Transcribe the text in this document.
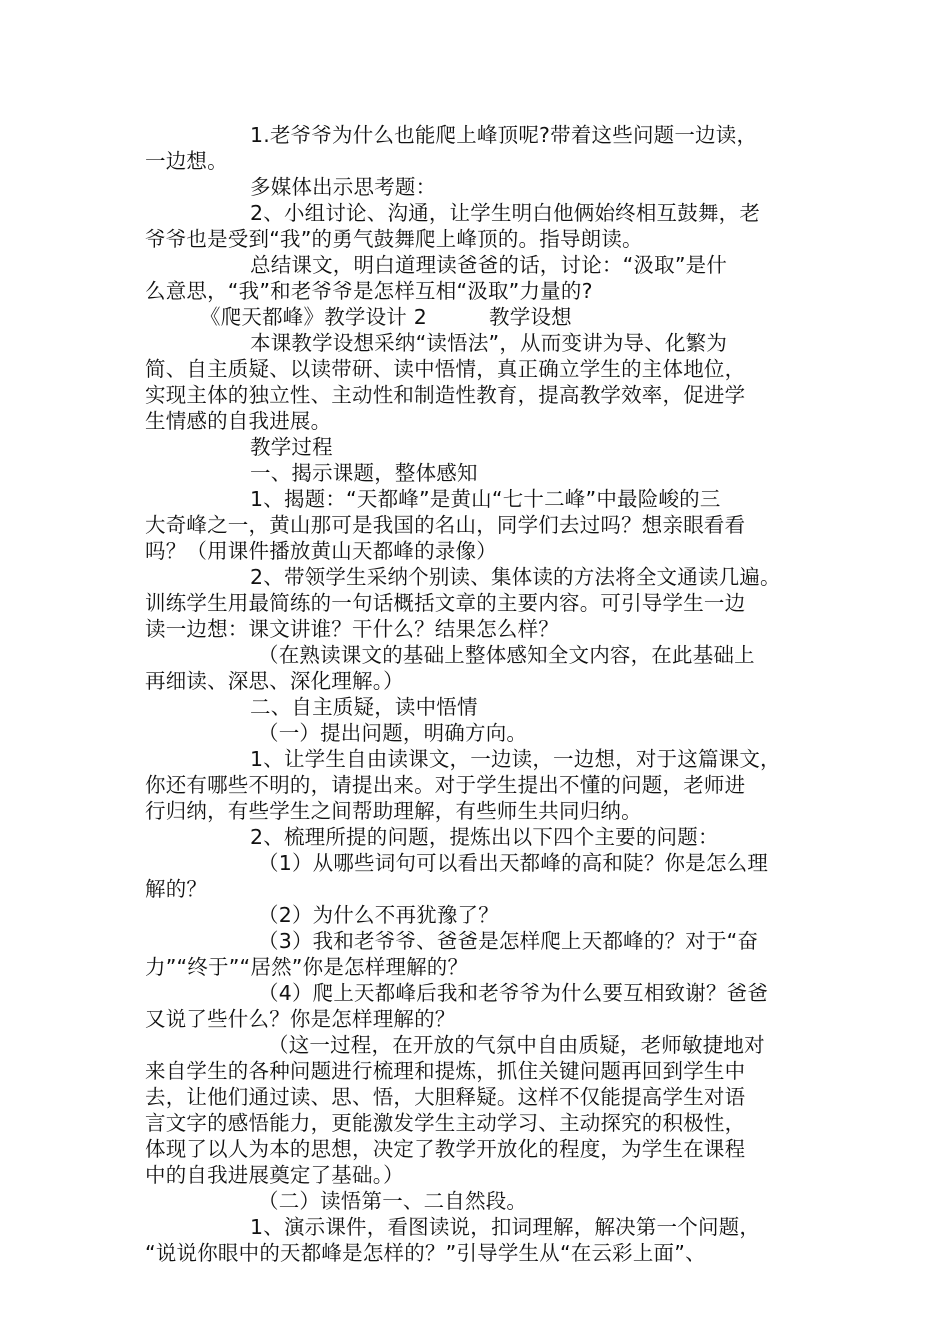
1.老爷爷为什么也能爬上峰顶呢?带着这些问题一边读，
一边想。
多媒体出示思考题：
2、小组讨论、沟通，让学生明白他俩始终相互鼓舞，老
爷爷也是受到“我”的勇气鼓舞爬上峰顶的。指导朗读。
总结课文，明白道理读爸爸的话，讨论：“汲取”是什
么意思，“我”和老爷爷是怎样互相“汲取”力量的?
《爬天都峰》教学设计 2　　　教学设想
本课教学设想采纳“读悟法”，从而变讲为导、化繁为
简、自主质疑、以读带研、读中悟情，真正确立学生的主体地位，
实现主体的独立性、主动性和制造性教育，提高教学效率，促进学
生情感的自我进展。
教学过程
一、揭示课题，整体感知
1、揭题：“天都峰”是黄山“七十二峰”中最险峻的三
大奇峰之一，黄山那可是我国的名山，同学们去过吗？想亲眼看看
吗？（用课件播放黄山天都峰的录像）
2、带领学生采纳个别读、集体读的方法将全文通读几遍。
训练学生用最简练的一句话概括文章的主要内容。可引导学生一边
读一边想：课文讲谁？干什么？结果怎么样？
（在熟读课文的基础上整体感知全文内容，在此基础上
再细读、深思、深化理解。）
二、自主质疑，读中悟情
（一）提出问题，明确方向。
1、让学生自由读课文，一边读，一边想，对于这篇课文，
你还有哪些不明的，请提出来。对于学生提出不懂的问题，老师进
行归纳，有些学生之间帮助理解，有些师生共同归纳。
2、梳理所提的问题，提炼出以下四个主要的问题：
（1）从哪些词句可以看出天都峰的高和陡？你是怎么理
解的？
（2）为什么不再犹豫了？
（3）我和老爷爷、爸爸是怎样爬上天都峰的？对于“奋
力”“终于”“居然”你是怎样理解的？
（4）爬上天都峰后我和老爷爷为什么要互相致谢？爸爸
又说了些什么？你是怎样理解的？
（这一过程，在开放的气氛中自由质疑，老师敏捷地对
来自学生的各种问题进行梳理和提炼，抓住关键问题再回到学生中
去，让他们通过读、思、悟，大胆释疑。这样不仅能提高学生对语
言文字的感悟能力，更能激发学生主动学习、主动探究的积极性，
体现了以人为本的思想，决定了教学开放化的程度，为学生在课程
中的自我进展奠定了基础。）
（二）读悟第一、二自然段。
1、演示课件，看图读说，扣词理解，解决第一个问题，
“说说你眼中的天都峰是怎样的？”引导学生从“在云彩上面”、
